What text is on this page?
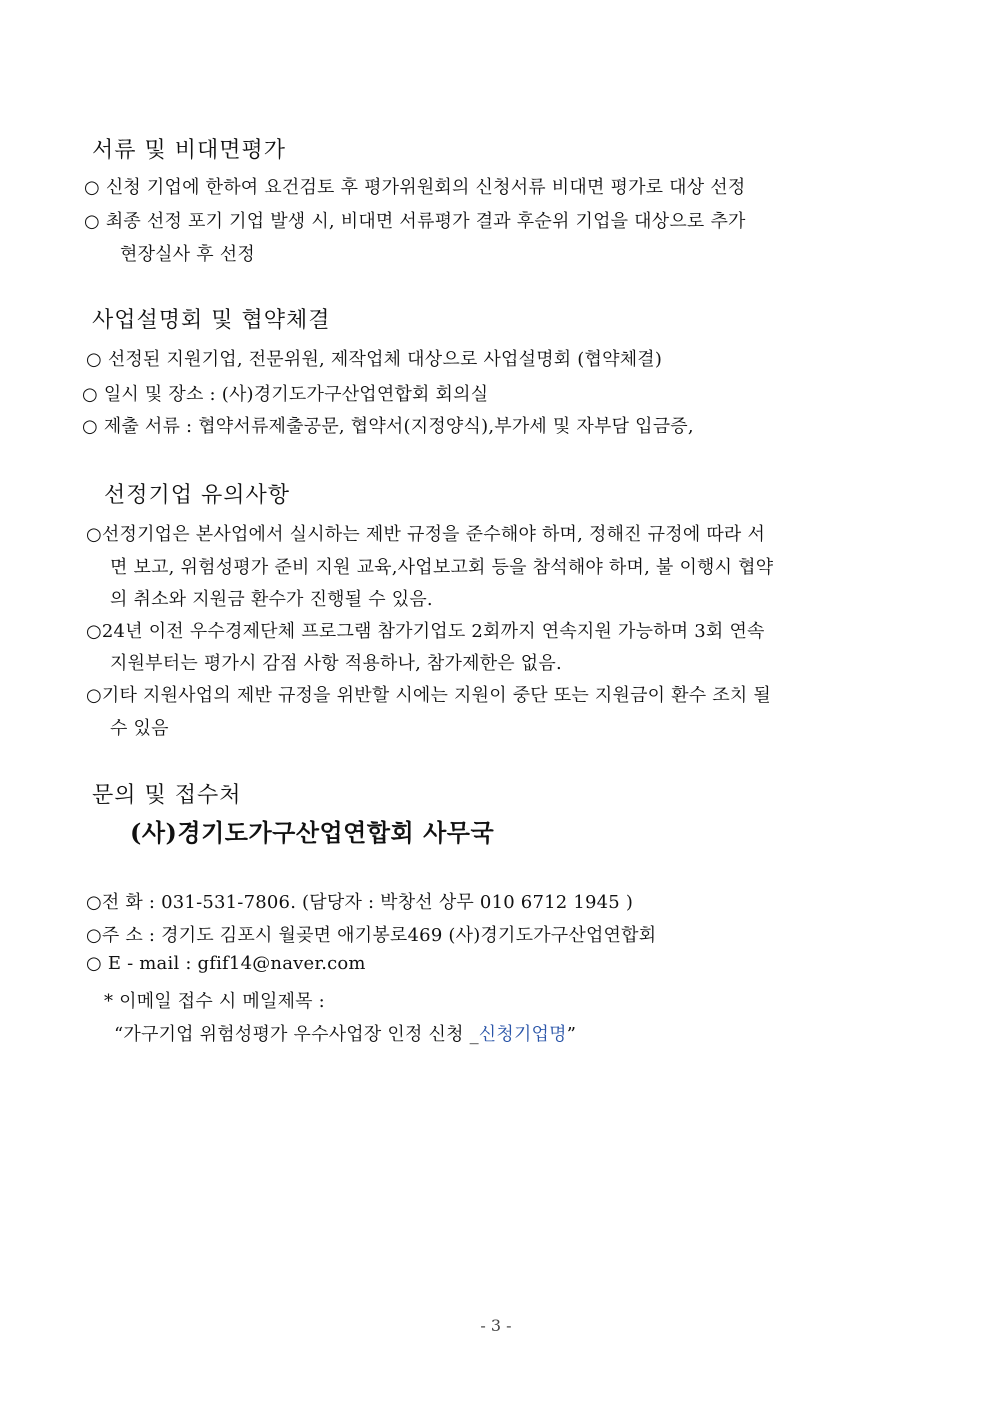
서류 및 비대면평가
○ 신청 기업에 한하여 요건검토 후 평가위원회의 신청서류 비대면 평가로 대상 선정
○ 최종 선정 포기 기업 발생 시, 비대면 서류평가 결과 후순위 기업을 대상으로 추가
현장실사 후 선정
사업설명회 및 협약체결
○ 선정된 지원기업, 전문위원, 제작업체 대상으로 사업설명회 (협약체결)
○ 일시 및 장소 : (사)경기도가구산업연합회 회의실
○ 제출 서류 : 협약서류제출공문, 협약서(지정양식),부가세 및 자부담 입금증,
선정기업 유의사항
○선정기업은 본사업에서 실시하는 제반 규정을 준수해야 하며, 정해진 규정에 따라 서
면 보고, 위험성평가 준비 지원 교육,사업보고회 등을 참석해야 하며, 불 이행시 협약
의 취소와 지원금 환수가 진행될 수 있음.
○24년 이전 우수경제단체 프로그램 참가기업도 2회까지 연속지원 가능하며 3회 연속
지원부터는 평가시 감점 사항 적용하나, 참가제한은 없음.
○기타 지원사업의 제반 규정을 위반할 시에는 지원이 중단 또는 지원금이 환수 조치 될
수 있음
문의 및 접수처
(사)경기도가구산업연합회 사무국
○전 화 : 031-531-7806. (담당자 : 박창선 상무 010 6712 1945 )
○주 소 : 경기도 김포시 월곶면 애기봉로469 (사)경기도가구산업연합회
○ E - mail : gfif14@naver.com
* 이메일 접수 시 메일제목 :
“가구기업 위험성평가 우수사업장 인정 신청 _신청기업명”
- 3 -
